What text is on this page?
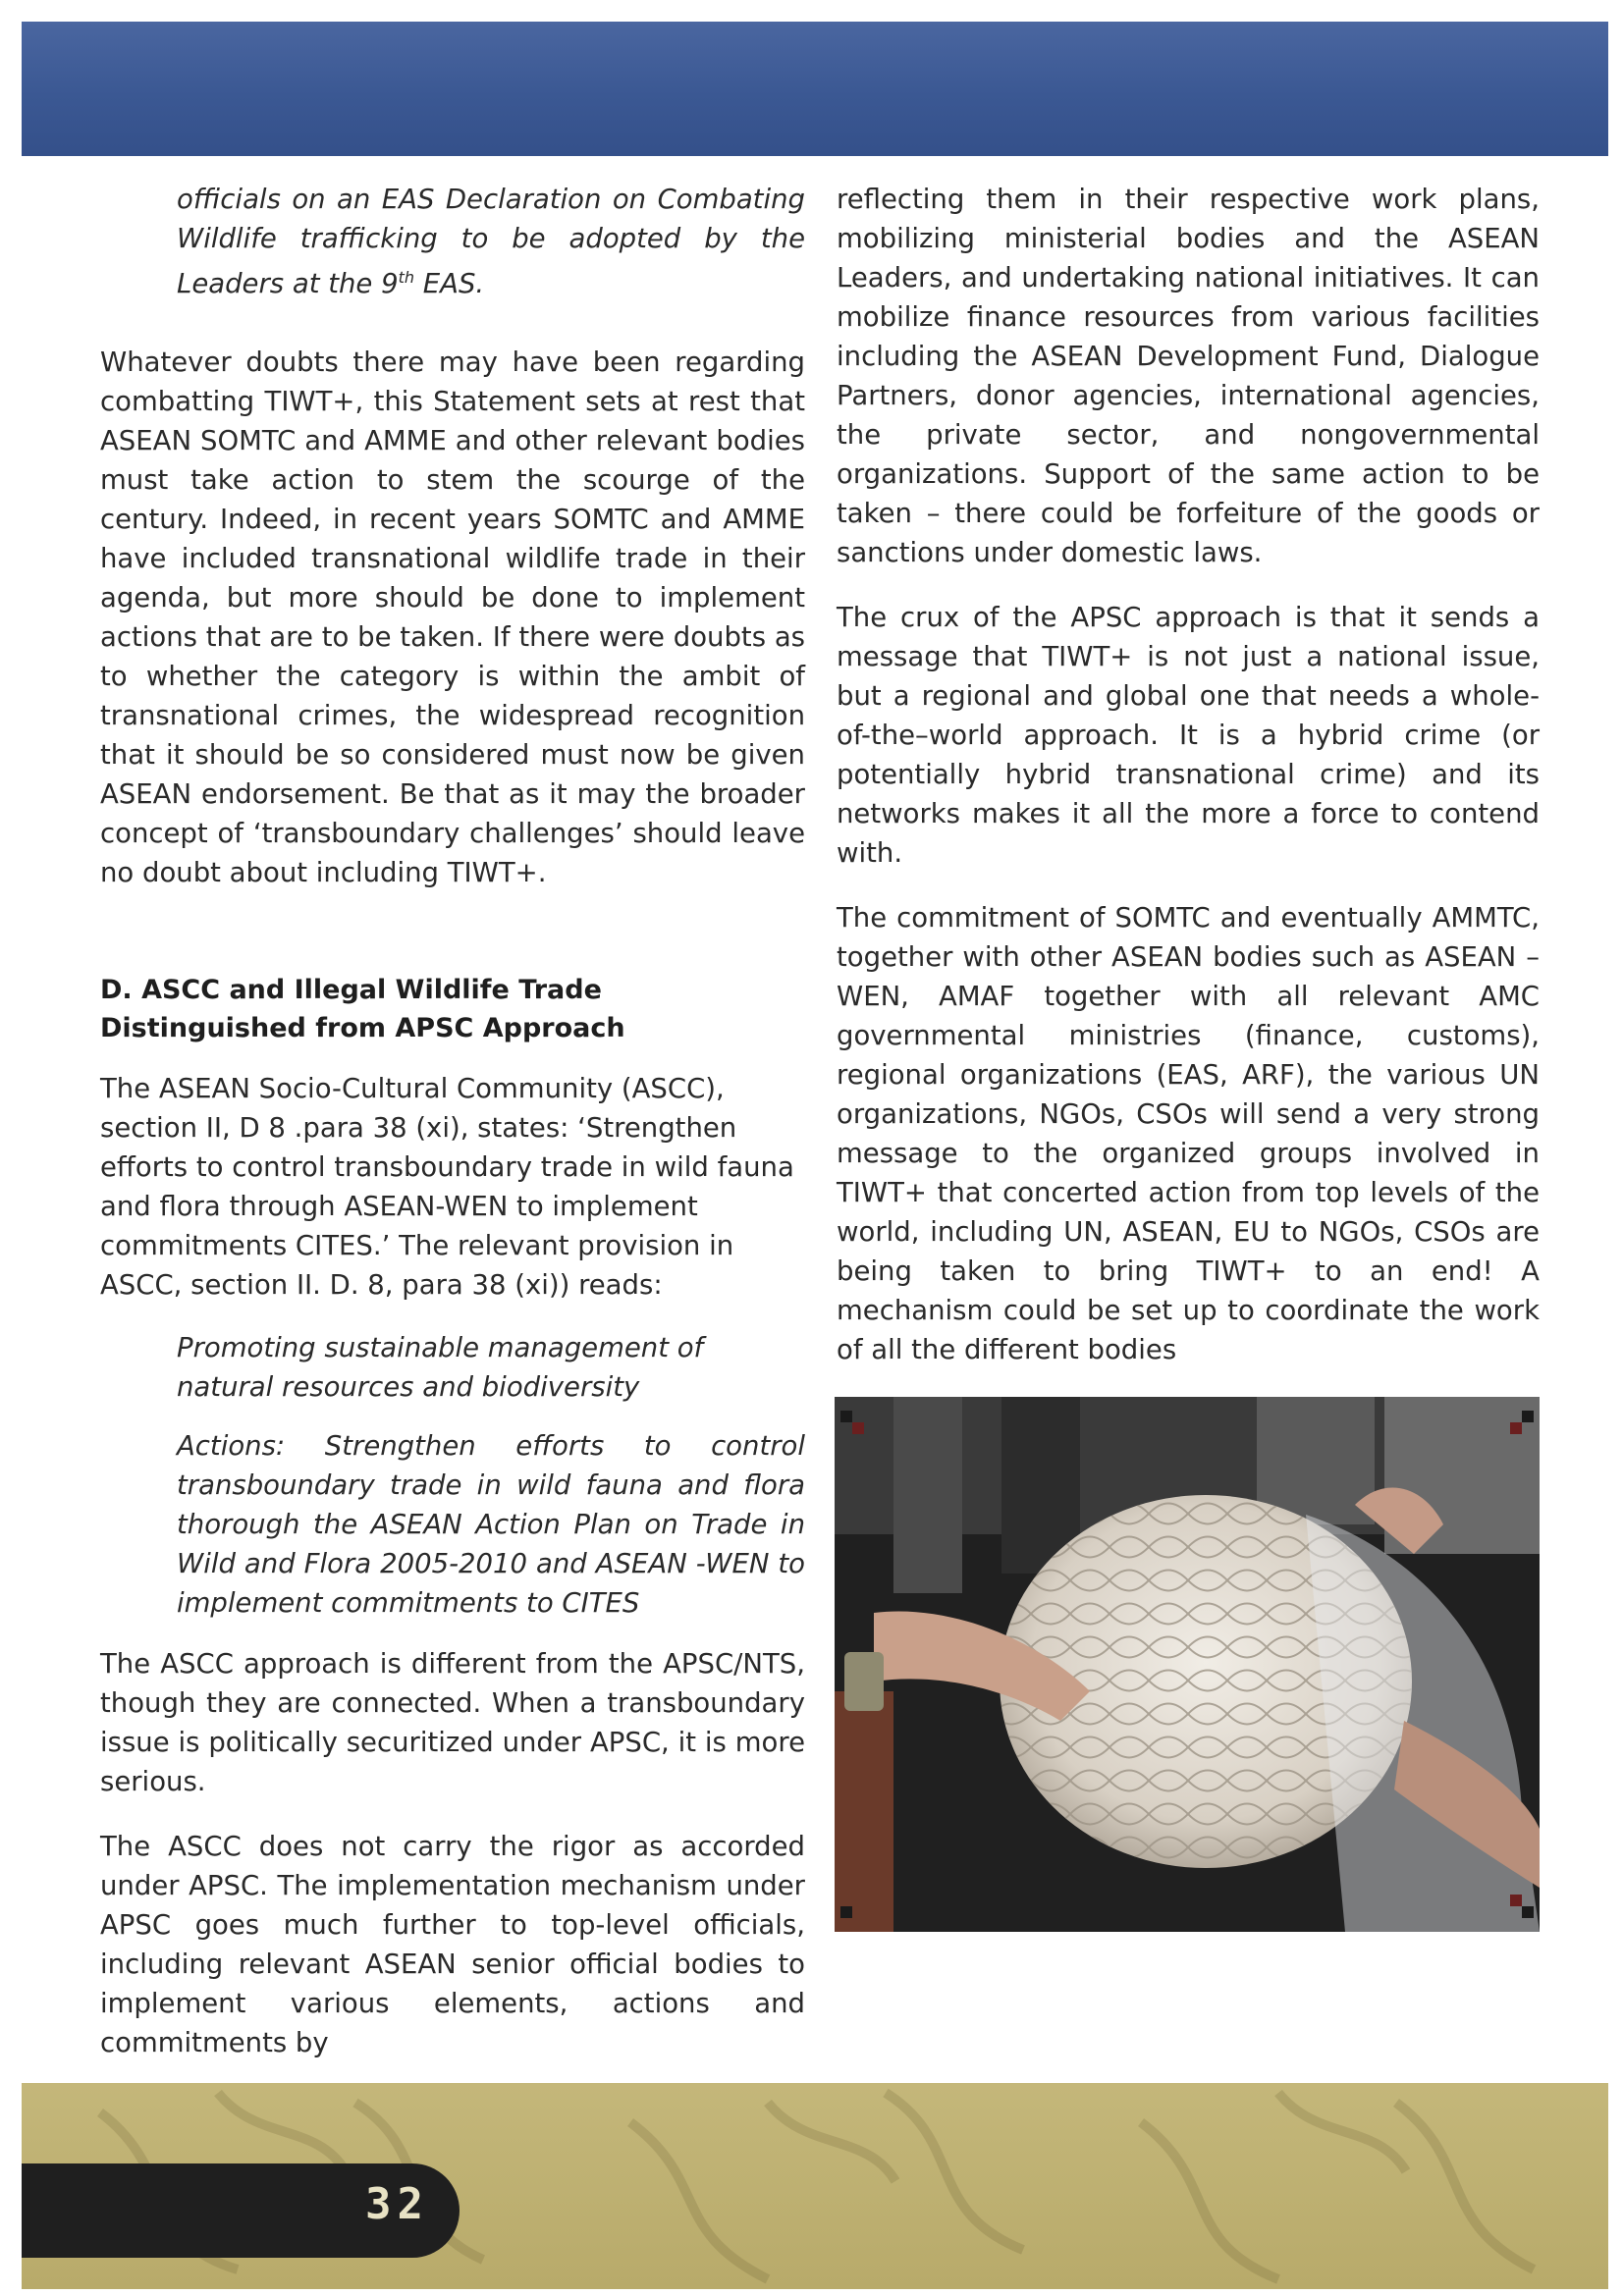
officials on an EAS Declaration on Combating Wildlife trafficking to be adopted by the Leaders at the 9th EAS.

Whatever doubts there may have been regarding combatting TIWT+, this Statement sets at rest that ASEAN SOMTC and AMME and other relevant bodies must take action to stem the scourge of the century. Indeed, in recent years SOMTC and AMME have included transnational wildlife trade in their agenda, but more should be done to implement actions that are to be taken. If there were doubts as to whether the category is within the ambit of transnational crimes, the widespread recognition that it should be so considered must now be given ASEAN endorsement. Be that as it may the broader concept of ‘transboundary challenges’ should leave no doubt about including TIWT+.

D. ASCC and Illegal Wildlife Trade Distinguished from APSC Approach

The ASEAN Socio-Cultural Community (ASCC), section II, D 8 .para 38 (xi), states: ‘Strengthen efforts to control transboundary trade in wild fauna and flora through ASEAN-WEN to implement commitments CITES.’ The relevant provision in ASCC, section II. D. 8, para 38 (xi)) reads:

Promoting sustainable management of natural resources and biodiversity

Actions: Strengthen efforts to control transboundary trade in wild fauna and flora thorough the ASEAN Action Plan on Trade in Wild and Flora 2005-2010 and ASEAN -WEN to implement commitments to CITES

The ASCC approach is different from the APSC/NTS, though they are connected. When a transboundary issue is politically securitized under APSC, it is more serious.

The ASCC does not carry the rigor as accorded under APSC. The implementation mechanism under APSC goes much further to top-level officials, including relevant ASEAN senior official bodies to implement various elements, actions and commitments by

reflecting them in their respective work plans, mobilizing ministerial bodies and the ASEAN Leaders, and undertaking national initiatives. It can mobilize finance resources from various facilities including the ASEAN Development Fund, Dialogue Partners, donor agencies, international agencies, the private sector, and nongovernmental organizations. Support of the same action to be taken – there could be forfeiture of the goods or sanctions under domestic laws.

The crux of the APSC approach is that it sends a message that TIWT+ is not just a national issue, but a regional and global one that needs a whole-of-the–world approach. It is a hybrid crime (or potentially hybrid transnational crime) and its networks makes it all the more a force to contend with.

The commitment of SOMTC and eventually AMMTC, together with other ASEAN bodies such as ASEAN –WEN, AMAF together with all relevant AMC governmental ministries (finance, customs), regional organizations (EAS, ARF), the various UN organizations, NGOs, CSOs will send a very strong message to the organized groups involved in TIWT+ that concerted action from top levels of the world, including UN, ASEAN, EU to NGOs, CSOs are being taken to bring TIWT+ to an end! A mechanism could be set up to coordinate the work of all the different bodies

32
